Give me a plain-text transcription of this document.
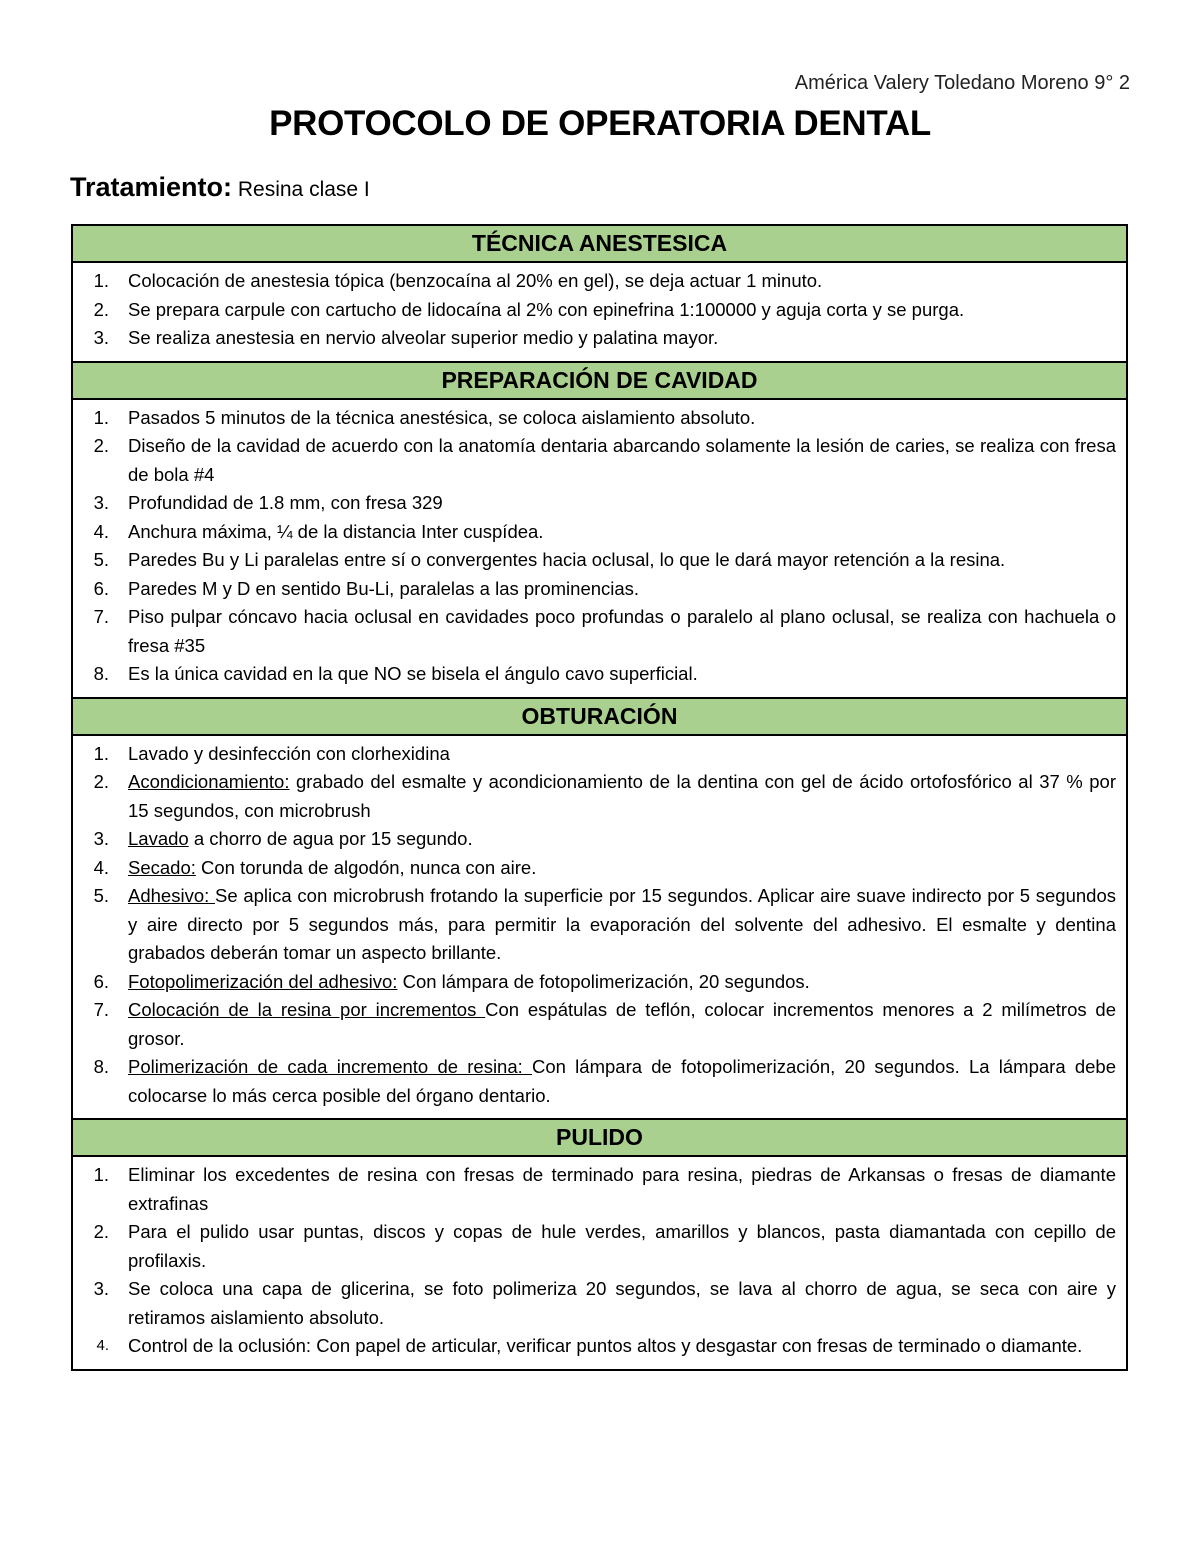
América Valery Toledano Moreno 9° 2
PROTOCOLO DE OPERATORIA DENTAL
Tratamiento: Resina clase I
TÉCNICA ANESTESICA
1. Colocación de anestesia tópica (benzocaína al 20% en gel), se deja actuar 1 minuto.
2. Se prepara carpule con cartucho de lidocaína al 2% con epinefrina 1:100000 y aguja corta y se purga.
3. Se realiza anestesia en nervio alveolar superior medio y palatina mayor.
PREPARACIÓN DE CAVIDAD
1. Pasados 5 minutos de la técnica anestésica, se coloca aislamiento absoluto.
2. Diseño de la cavidad de acuerdo con la anatomía dentaria abarcando solamente la lesión de caries, se realiza con fresa de bola #4
3. Profundidad de 1.8 mm, con fresa 329
4. Anchura máxima, ¼ de la distancia Inter cuspídea.
5. Paredes Bu y Li paralelas entre sí o convergentes hacia oclusal, lo que le dará mayor retención a la resina.
6. Paredes M y D en sentido Bu-Li, paralelas a las prominencias.
7. Piso pulpar cóncavo hacia oclusal en cavidades poco profundas o paralelo al plano oclusal, se realiza con hachuela o fresa #35
8. Es la única cavidad en la que NO se bisela el ángulo cavo superficial.
OBTURACIÓN
1. Lavado y desinfección con clorhexidina
2. Acondicionamiento: grabado del esmalte y acondicionamiento de la dentina con gel de ácido ortofosfórico al 37 % por 15 segundos, con microbrush
3. Lavado a chorro de agua por 15 segundo.
4. Secado: Con torunda de algodón, nunca con aire.
5. Adhesivo: Se aplica con microbrush frotando la superficie por 15 segundos. Aplicar aire suave indirecto por 5 segundos y aire directo por 5 segundos más, para permitir la evaporación del solvente del adhesivo. El esmalte y dentina grabados deberán tomar un aspecto brillante.
6. Fotopolimerización del adhesivo: Con lámpara de fotopolimerización, 20 segundos.
7. Colocación de la resina por incrementos Con espátulas de teflón, colocar incrementos menores a 2 milímetros de grosor.
8. Polimerización de cada incremento de resina: Con lámpara de fotopolimerización, 20 segundos. La lámpara debe colocarse lo más cerca posible del órgano dentario.
PULIDO
1. Eliminar los excedentes de resina con fresas de terminado para resina, piedras de Arkansas o fresas de diamante extrafinas
2. Para el pulido usar puntas, discos y copas de hule verdes, amarillos y blancos, pasta diamantada con cepillo de profilaxis.
3. Se coloca una capa de glicerina, se foto polimeriza 20 segundos, se lava al chorro de agua, se seca con aire y retiramos aislamiento absoluto.
4. Control de la oclusión: Con papel de articular, verificar puntos altos y desgastar con fresas de terminado o diamante.
